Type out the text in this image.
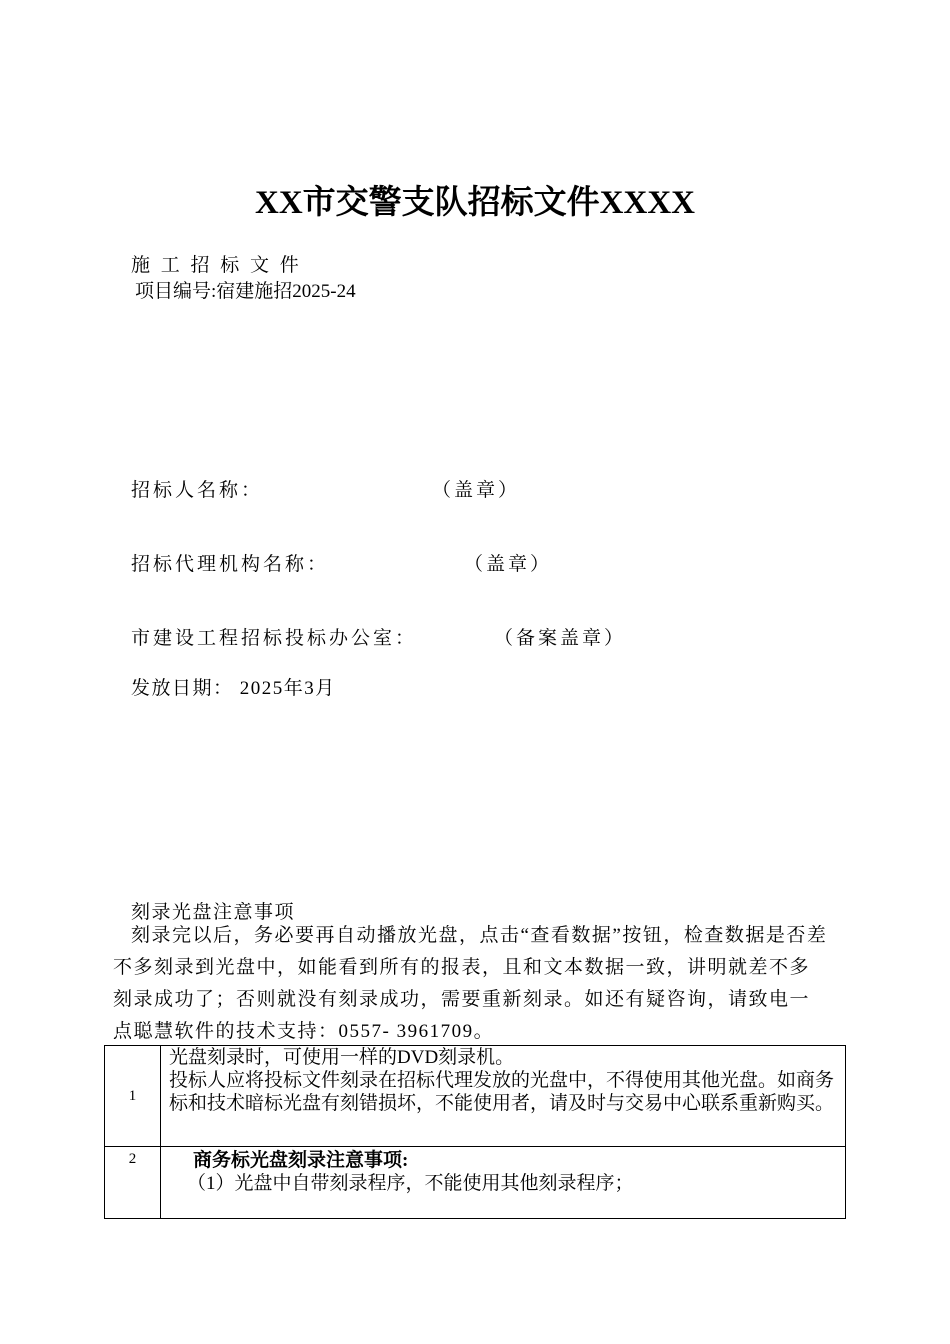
XX市交警支队招标文件XXXX
施 工 招 标 文 件
项目编号:宿建施招2025-24
招标人名称：	（盖章）
招标代理机构名称：	（盖章）
市建设工程招标投标办公室：	（备案盖章）
发放日期： 2025年3月
刻录光盘注意事项
刻录完以后，务必要再自动播放光盘，点击“查看数据”按钮，检查数据是否差不多刻录到光盘中，如能看到所有的报表，且和文本数据一致，讲明就差不多刻录成功了；否则就没有刻录成功，需要重新刻录。如还有疑咨询，请致电一点聪慧软件的技术支持：0557- 3961709。
1	光盘刻录时，可使用一样的DVD刻录机。

投标人应将投标文件刻录在招标代理发放的光盘中，不得使用其他光盘。如商务标和技术暗标光盘有刻错损坏，不能使用者，请及时与交易中心联系重新购买。

2	商务标光盘刻录注意事项:

（1）光盘中自带刻录程序，不能使用其他刻录程序；
